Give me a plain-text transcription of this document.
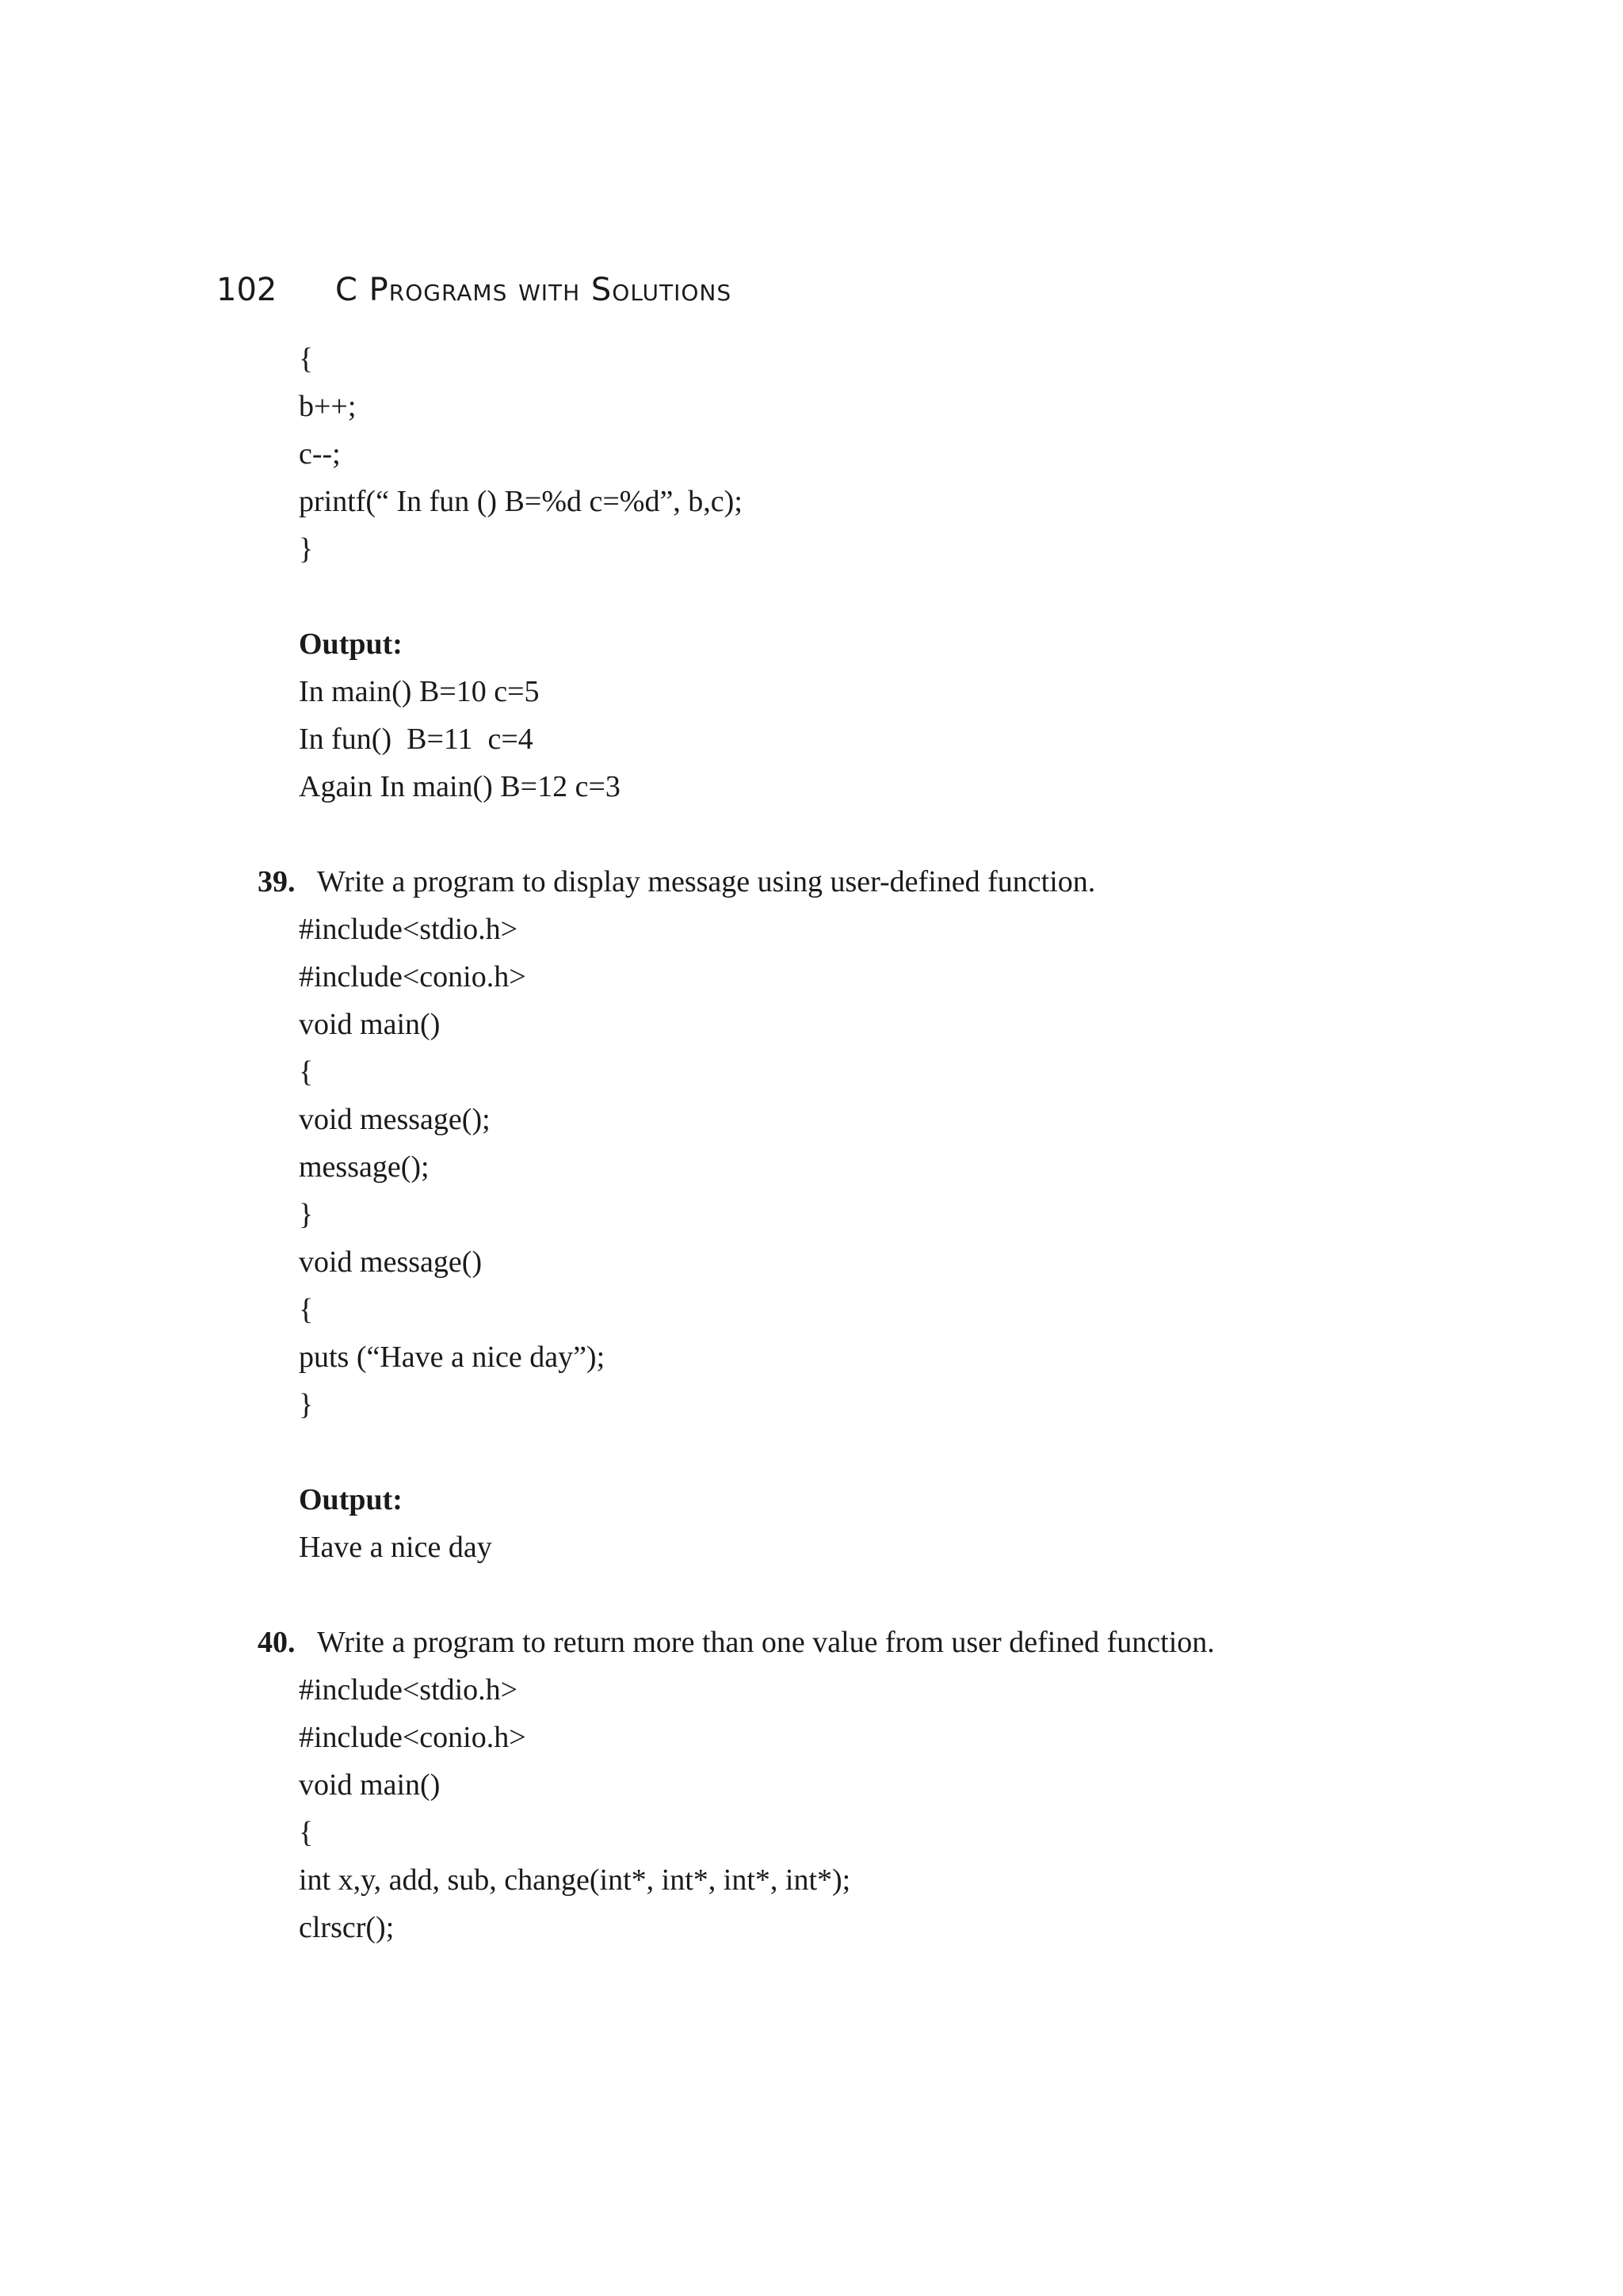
102	C Programs with Solutions
{
b++;
c--;
printf(“ In fun () B=%d c=%d”, b,c);
}
Output:
In main() B=10 c=5
In fun()  B=11  c=4
Again In main() B=12 c=3
39. Write a program to display message using user-defined function.
#include<stdio.h>
#include<conio.h>
void main()
{
void message();
message();
}
void message()
{
puts (“Have a nice day”);
}
Output:
Have a nice day
40. Write a program to return more than one value from user defined function.
#include<stdio.h>
#include<conio.h>
void main()
{
int x,y, add, sub, change(int*, int*, int*, int*);
clrscr();
